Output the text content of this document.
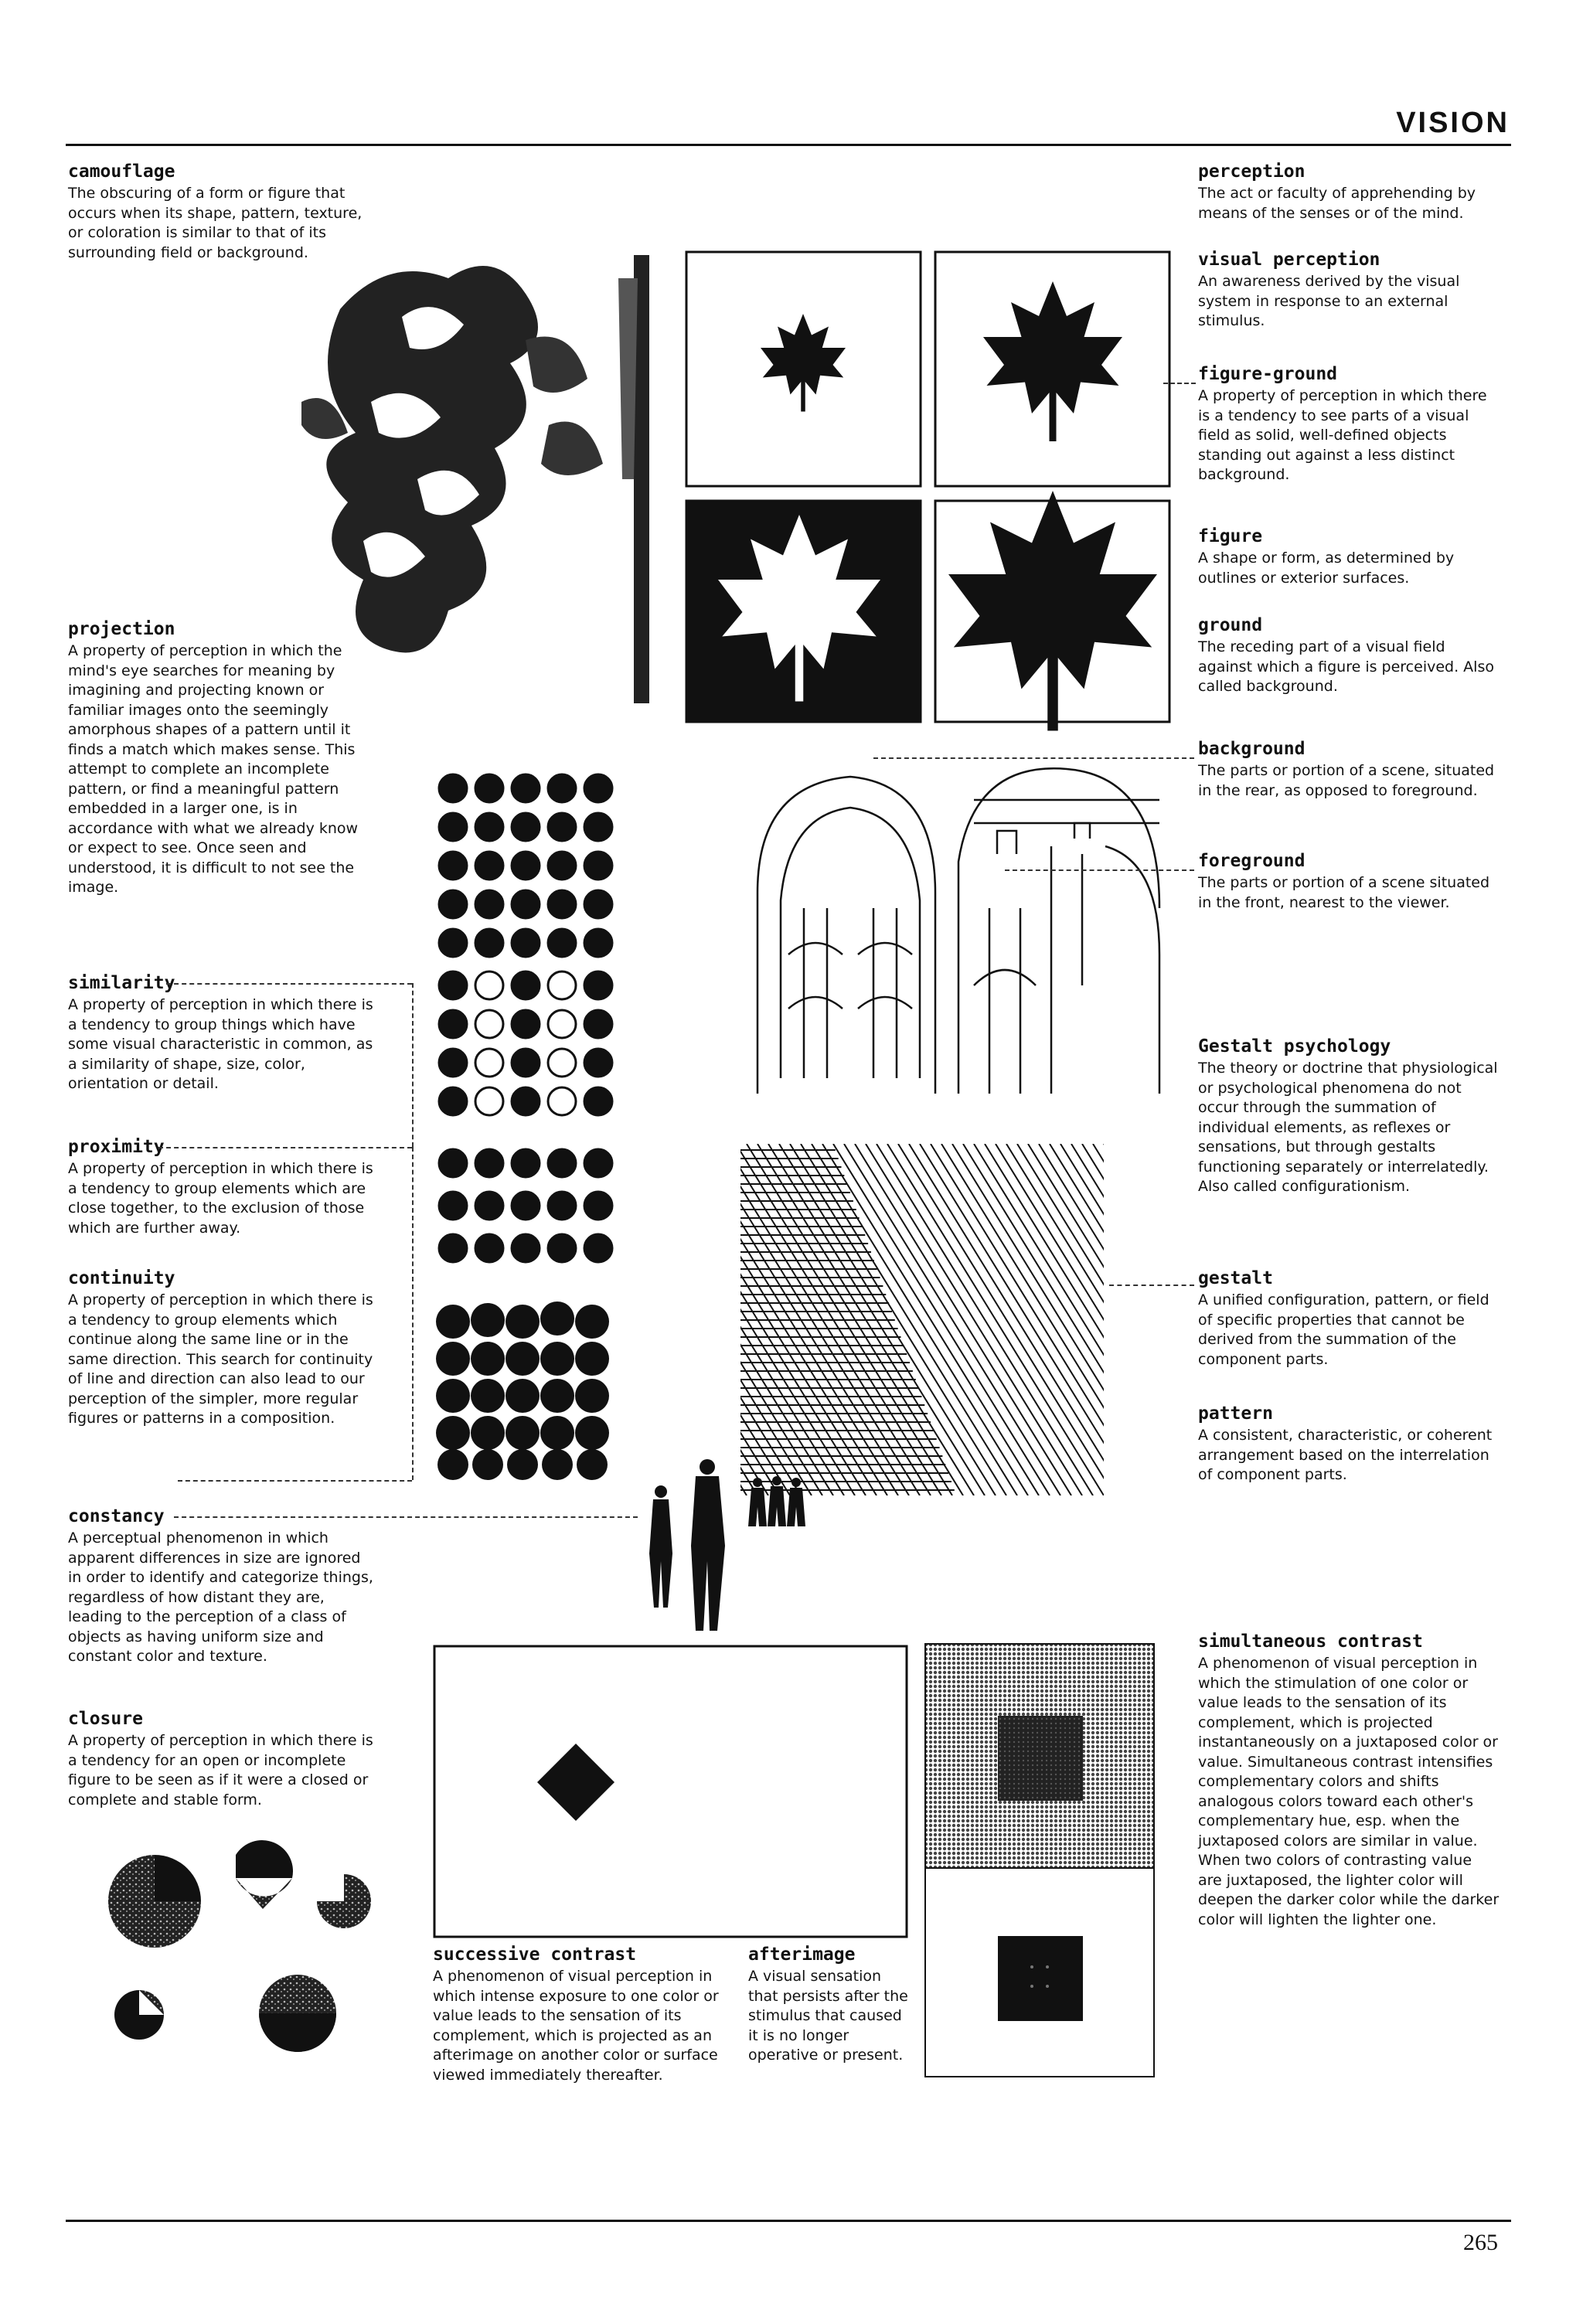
VISION

camouflage

The obscuring of a form or figure that occurs when its shape, pattern, texture, or coloration is similar to that of its surrounding field or background.

projection

A property of perception in which the mind's eye searches for meaning by imagining and projecting known or familiar images onto the seemingly amorphous shapes of a pattern until it finds a match which makes sense. This attempt to complete an incomplete pattern, or find a meaningful pattern embedded in a larger one, is in accordance with what we already know or expect to see. Once seen and understood, it is difficult to not see the image.

similarity

A property of perception in which there is a tendency to group things which have some visual characteristic in common, as a similarity of shape, size, color, orientation or detail.

proximity

A property of perception in which there is a tendency to group elements which are close together, to the exclusion of those which are further away.

continuity

A property of perception in which there is a tendency to group elements which continue along the same line or in the same direction. This search for continuity of line and direction can also lead to our perception of the simpler, more regular figures or patterns in a composition.

constancy

A perceptual phenomenon in which apparent differences in size are ignored in order to identify and categorize things, regardless of how distant they are, leading to the perception of a class of objects as having uniform size and constant color and texture.

closure

A property of perception in which there is a tendency for an open or incomplete figure to be seen as if it were a closed or complete and stable form.

perception

The act or faculty of apprehending by means of the senses or of the mind.

visual perception

An awareness derived by the visual system in response to an external stimulus.

figure-ground

A property of perception in which there is a tendency to see parts of a visual field as solid, well-defined objects standing out against a less distinct background.

figure

A shape or form, as determined by outlines or exterior surfaces.

ground

The receding part of a visual field against which a figure is perceived. Also called background.

background

The parts or portion of a scene, situated in the rear, as opposed to foreground.

foreground

The parts or portion of a scene situated in the front, nearest to the viewer.

Gestalt psychology

The theory or doctrine that physiological or psychological phenomena do not occur through the summation of individual elements, as reflexes or sensations, but through gestalts functioning separately or interrelatedly. Also called configurationism.

gestalt

A unified configuration, pattern, or field of specific properties that cannot be derived from the summation of the component parts.

pattern

A consistent, characteristic, or coherent arrangement based on the interrelation of component parts.

simultaneous contrast

A phenomenon of visual perception in which the stimulation of one color or value leads to the sensation of its complement, which is projected instantaneously on a juxtaposed color or value. Simultaneous contrast intensifies complementary colors and shifts analogous colors toward each other's complementary hue, esp. when the juxtaposed colors are similar in value. When two colors of contrasting value are juxtaposed, the lighter color will deepen the darker color while the darker color will lighten the lighter one.

successive contrast

A phenomenon of visual perception in which intense exposure to one color or value leads to the sensation of its complement, which is projected as an afterimage on another color or surface viewed immediately thereafter.

afterimage

A visual sensation that persists after the stimulus that caused it is no longer operative or present.

265
